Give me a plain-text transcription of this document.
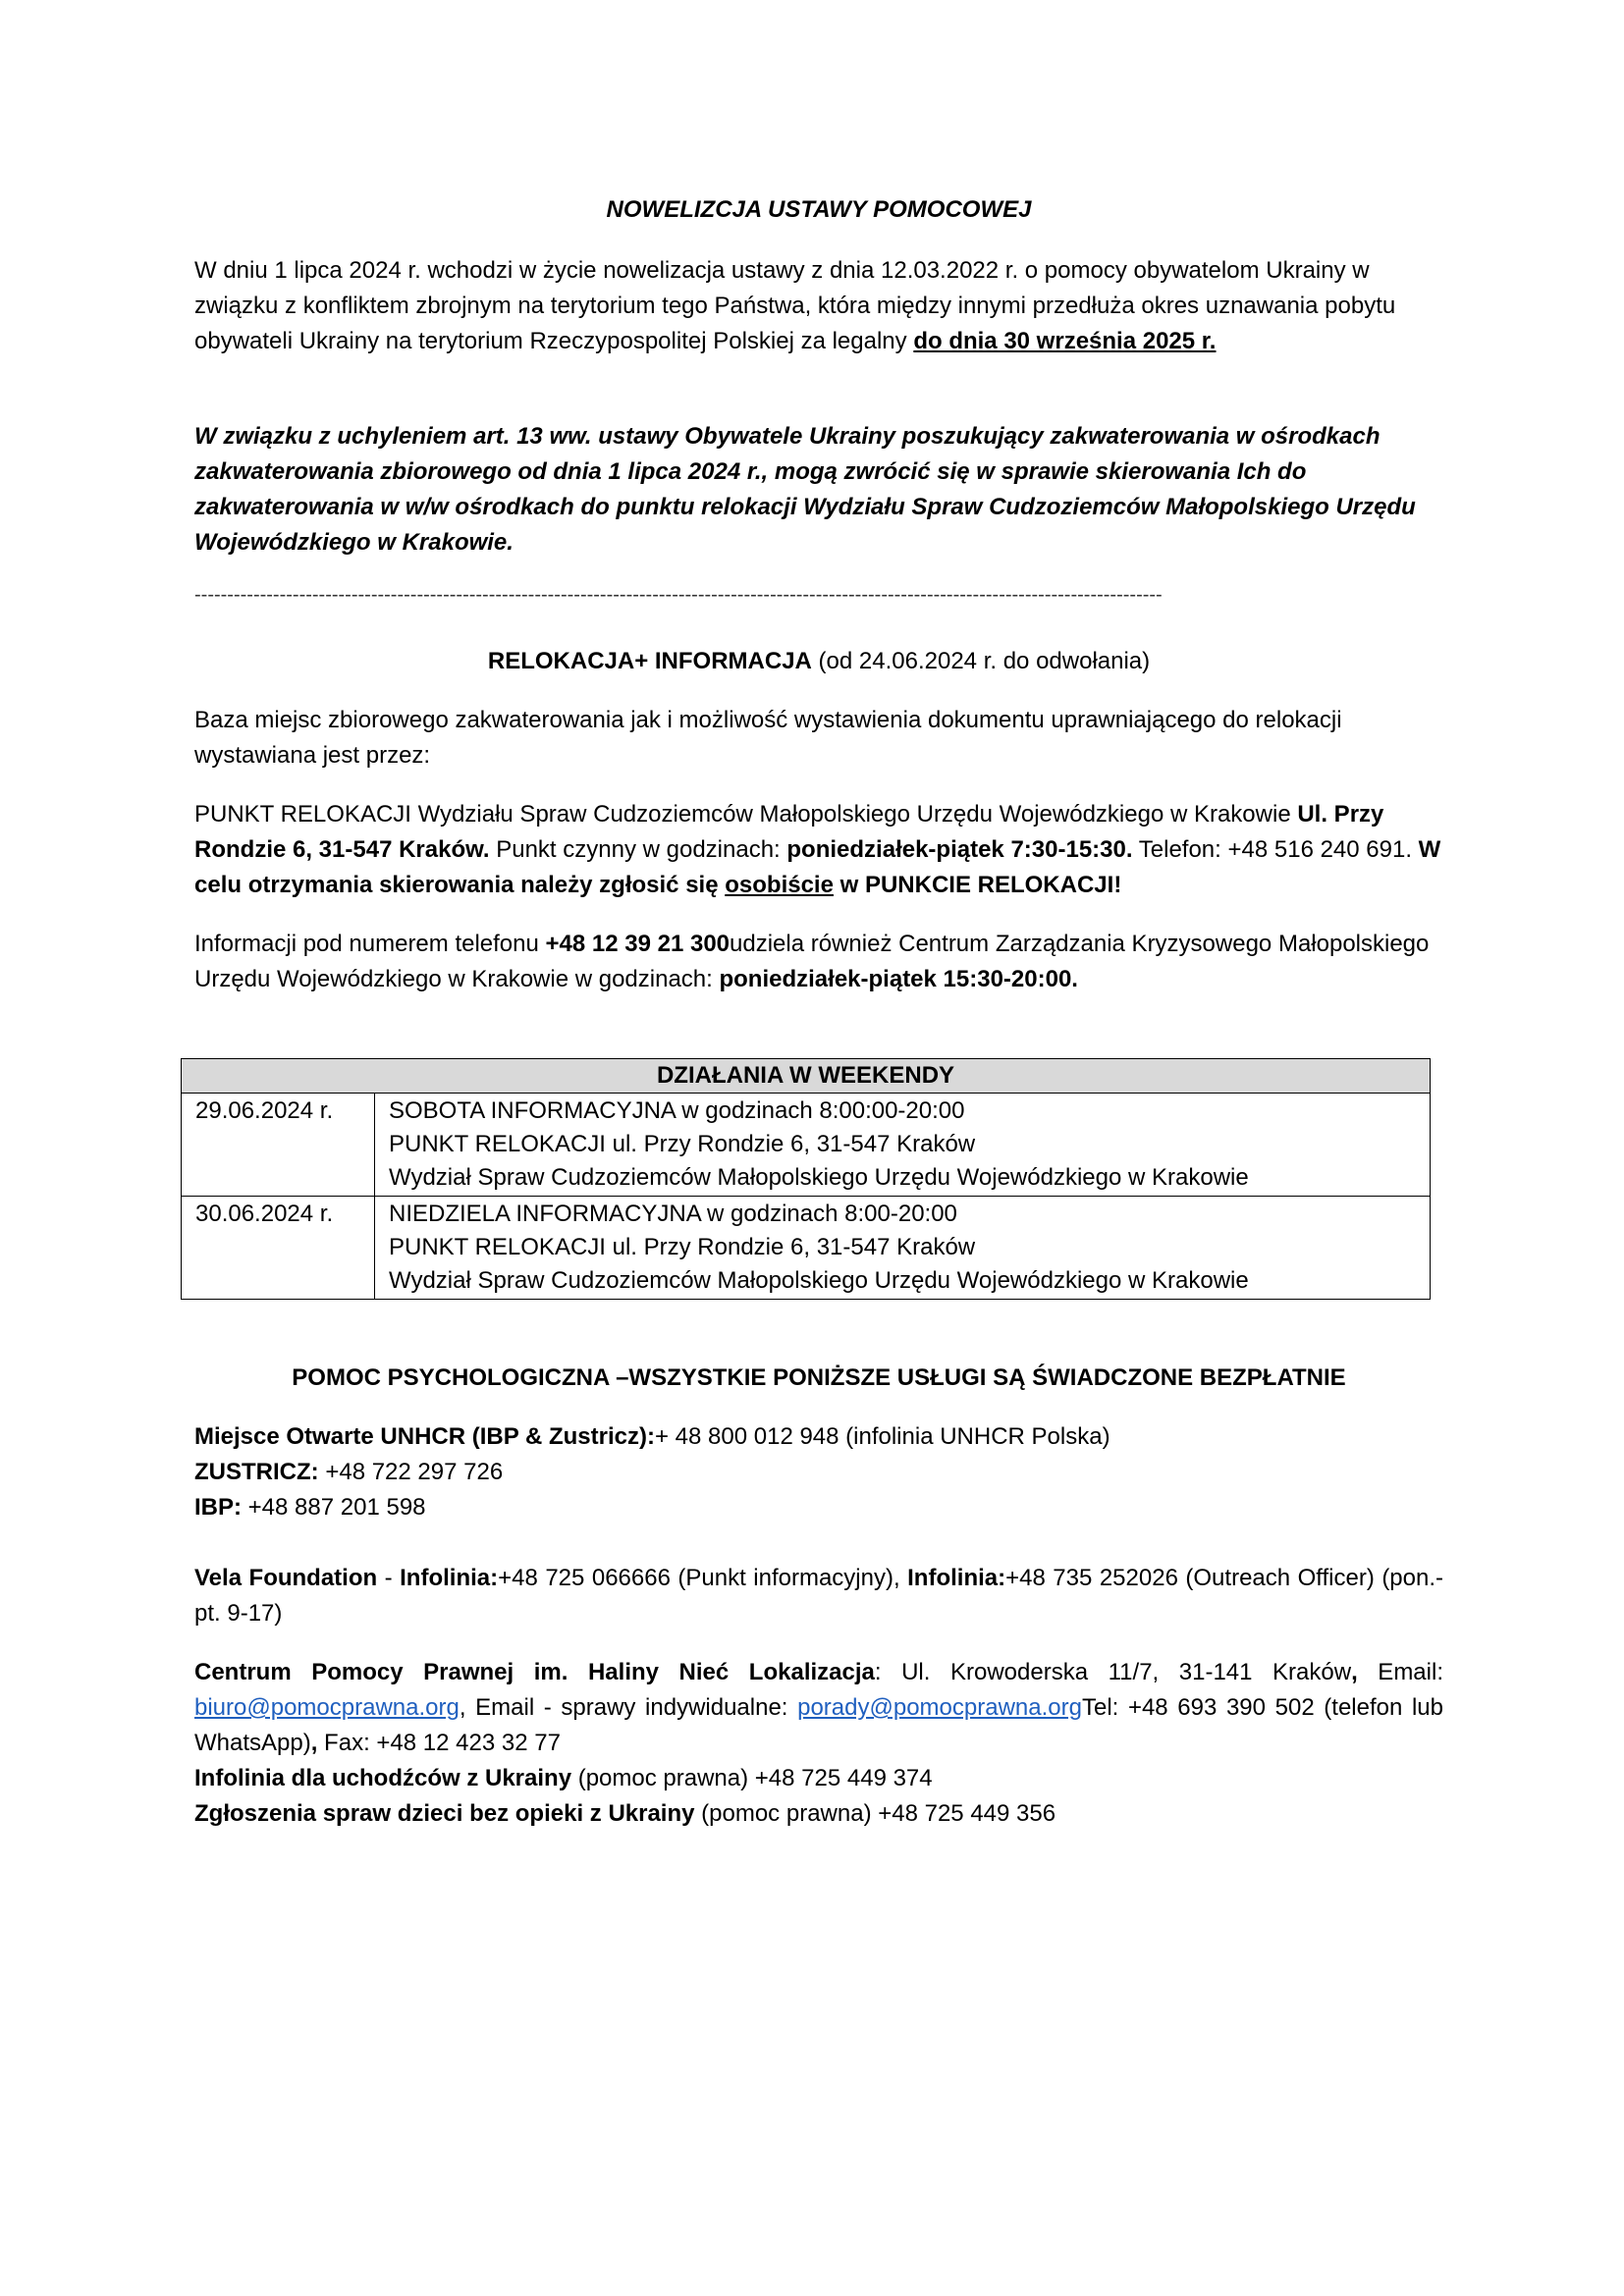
NOWELIZCJA USTAWY POMOCOWEJ

W dniu 1 lipca 2024 r. wchodzi w życie nowelizacja ustawy z dnia 12.03.2022 r. o pomocy obywatelom Ukrainy w związku z konfliktem zbrojnym na terytorium tego Państwa, która między innymi przedłuża okres uznawania pobytu obywateli Ukrainy na terytorium Rzeczypospolitej Polskiej za legalny do dnia 30 września 2025 r.

W związku z uchyleniem art. 13 ww. ustawy Obywatele Ukrainy poszukujący zakwaterowania w ośrodkach zakwaterowania zbiorowego od dnia 1 lipca 2024 r., mogą zwrócić się w sprawie skierowania Ich do zakwaterowania w w/w ośrodkach do punktu relokacji Wydziału Spraw Cudzoziemców Małopolskiego Urzędu Wojewódzkiego w Krakowie.

----------------------------------------------------------------------------------------------------------------------------------------------------

RELOKACJA+ INFORMACJA (od 24.06.2024 r. do odwołania)

Baza miejsc zbiorowego zakwaterowania jak i możliwość wystawienia dokumentu uprawniającego do relokacji wystawiana jest przez:

PUNKT RELOKACJI Wydziału Spraw Cudzoziemców Małopolskiego Urzędu Wojewódzkiego w Krakowie Ul. Przy Rondzie 6, 31-547 Kraków. Punkt czynny w godzinach: poniedziałek-piątek 7:30-15:30. Telefon: +48 516 240 691. W celu otrzymania skierowania należy zgłosić się osobiście w PUNKCIE RELOKACJI!

Informacji pod numerem telefonu +48 12 39 21 300udziela również Centrum Zarządzania Kryzysowego Małopolskiego Urzędu Wojewódzkiego w Krakowie w godzinach: poniedziałek-piątek 15:30-20:00.

DZIAŁANIA W WEEKENDY	
29.06.2024 r.	SOBOTA INFORMACYJNA w godzinach 8:00:00-20:00
PUNKT RELOKACJI ul. Przy Rondzie 6, 31-547 Kraków
Wydział Spraw Cudzoziemców Małopolskiego Urzędu Wojewódzkiego w Krakowie

30.06.2024 r.	NIEDZIELA INFORMACYJNA w godzinach 8:00-20:00
PUNKT RELOKACJI ul. Przy Rondzie 6, 31-547 Kraków
Wydział Spraw Cudzoziemców Małopolskiego Urzędu Wojewódzkiego w Krakowie

POMOC PSYCHOLOGICZNA –WSZYSTKIE PONIŻSZE USŁUGI SĄ ŚWIADCZONE BEZPŁATNIE

Miejsce Otwarte UNHCR (IBP & Zustricz):+ 48 800 012 948 (infolinia UNHCR Polska)
ZUSTRICZ: +48 722 297 726
IBP: +48 887 201 598

Vela Foundation - Infolinia:+48 725 066666 (Punkt informacyjny), Infolinia:+48 735 252026 (Outreach Officer) (pon.-pt. 9-17)

Centrum Pomocy Prawnej im. Haliny Nieć Lokalizacja: Ul. Krowoderska 11/7, 31-141 Kraków, Email: biuro@pomocprawna.org, Email - sprawy indywidualne: porady@pomocprawna.orgTel: +48 693 390 502 (telefon lub WhatsApp), Fax: +48 12 423 32 77

Infolinia dla uchodźców z Ukrainy (pomoc prawna) +48 725 449 374
Zgłoszenia spraw dzieci bez opieki z Ukrainy (pomoc prawna) +48 725 449 356
